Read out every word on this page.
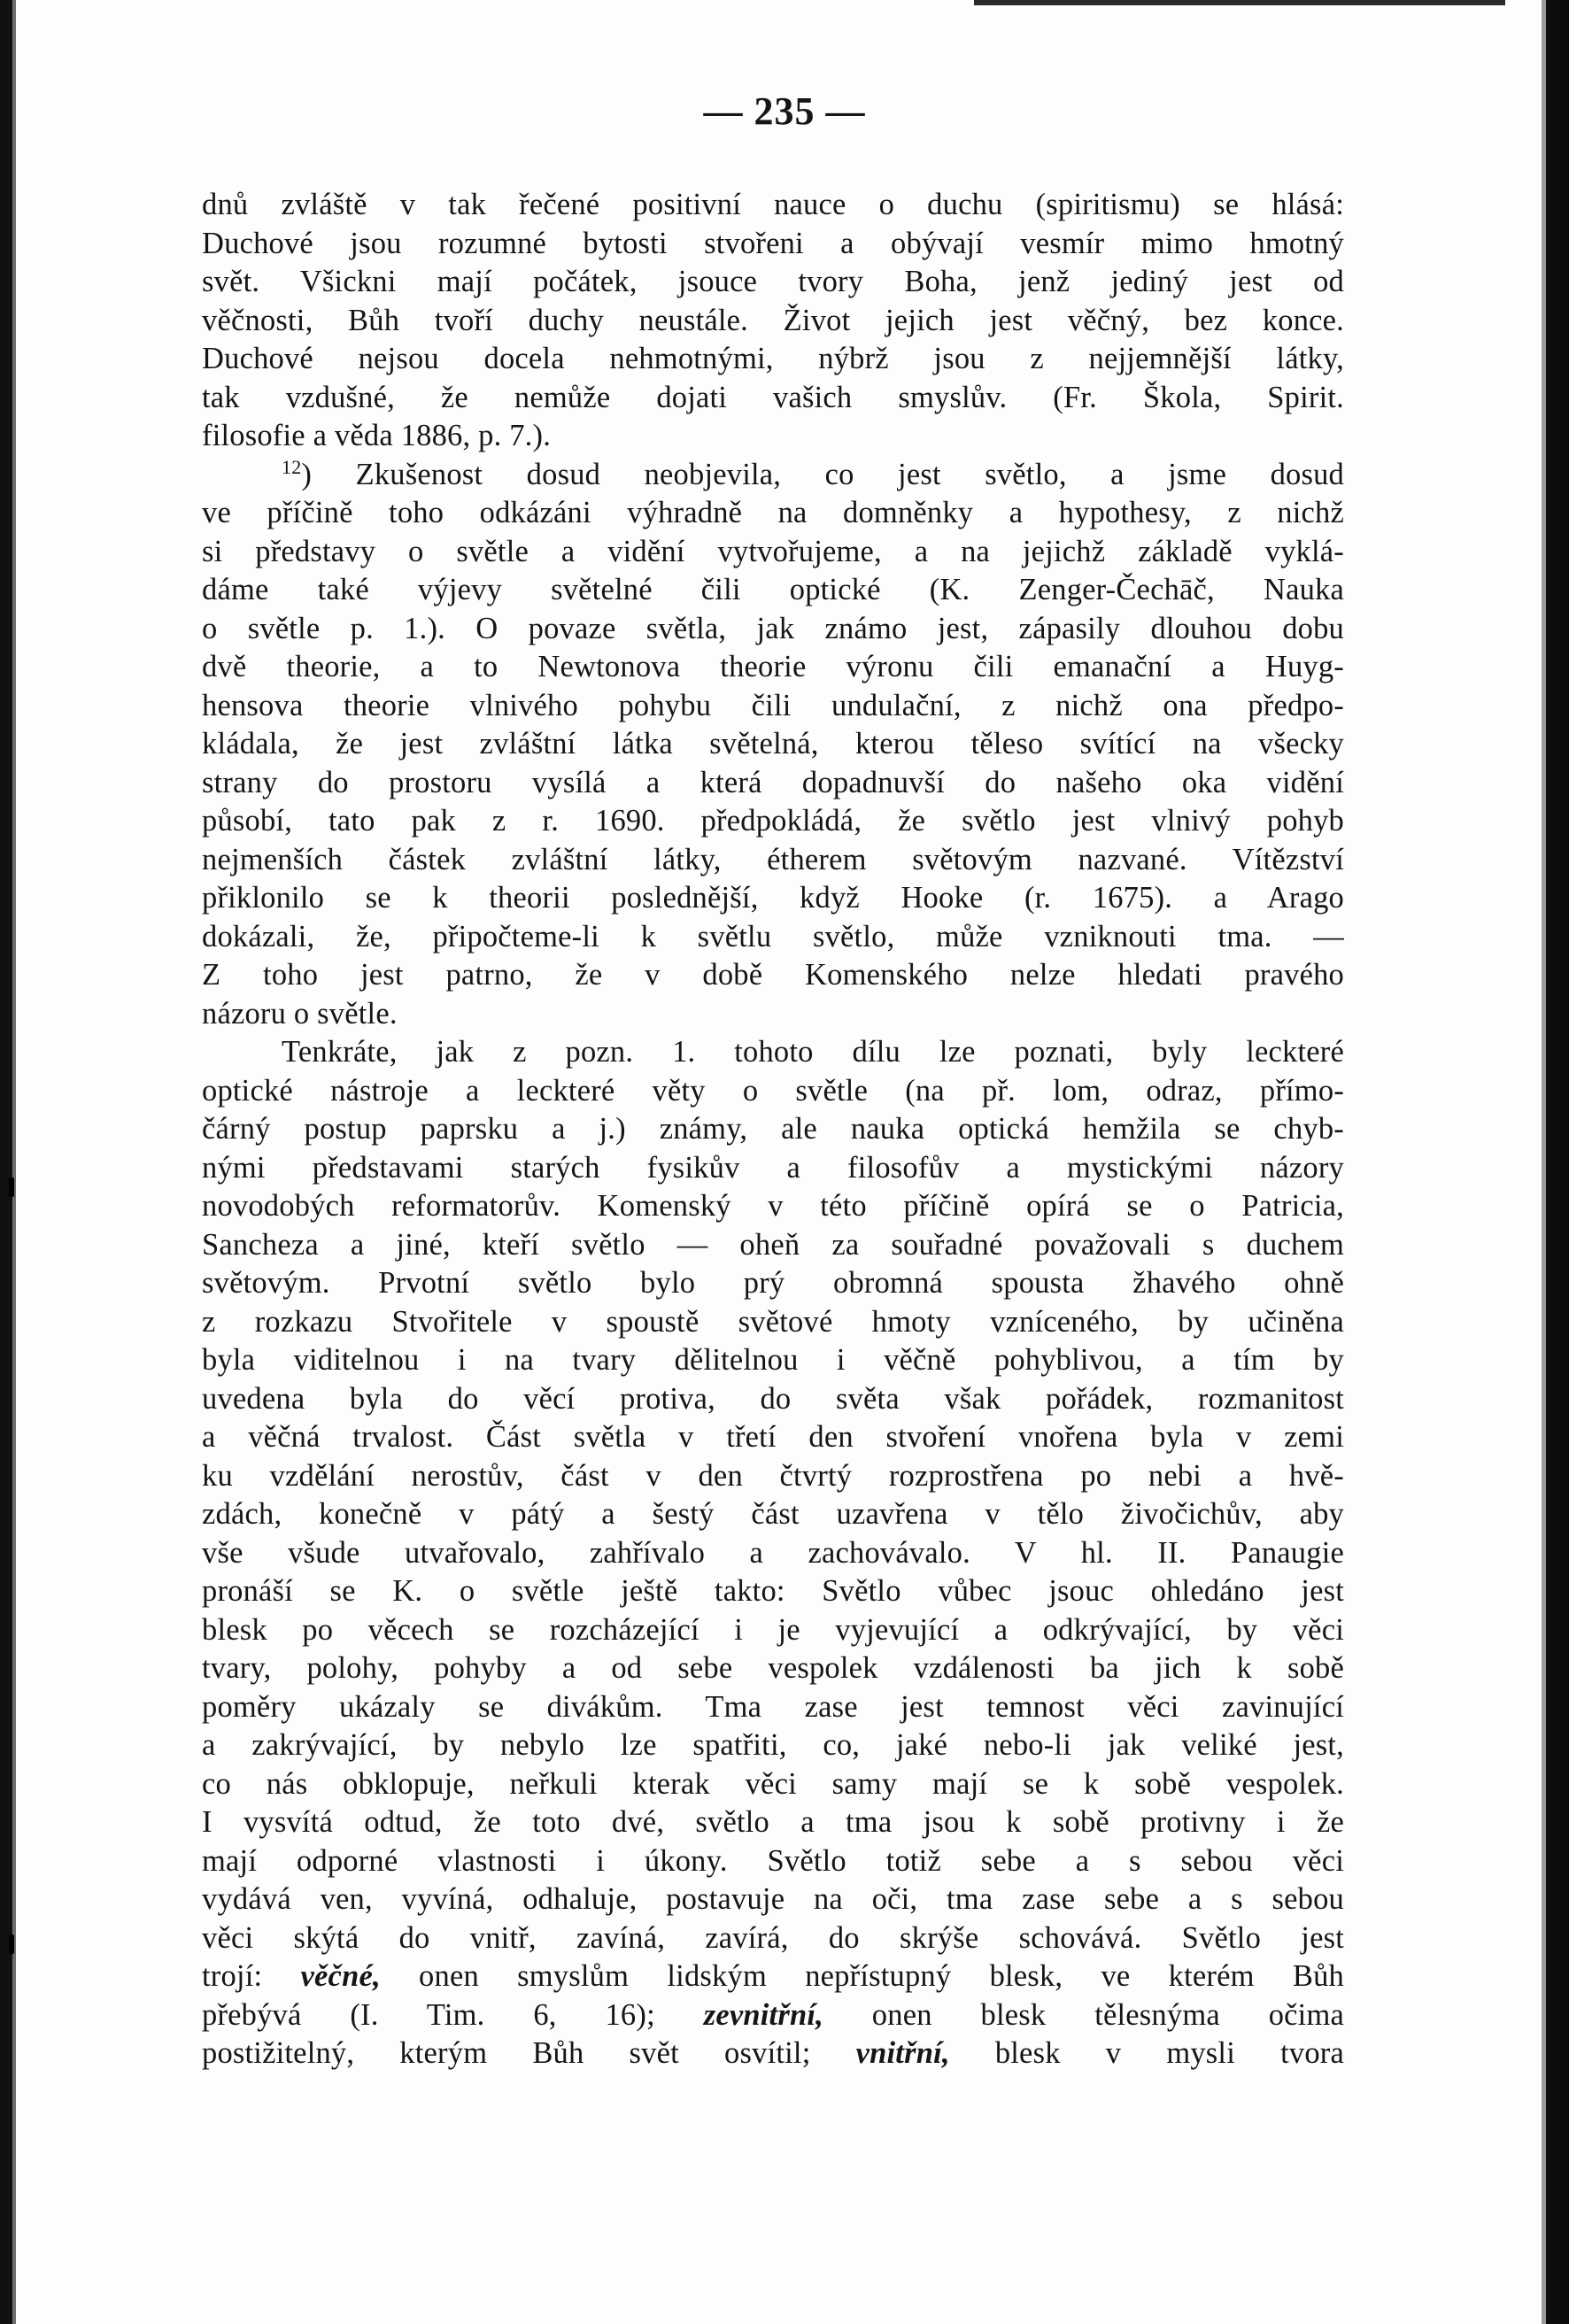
— 235 —
dnů zvláště v tak řečené positivní nauce o duchu (spiritismu) se hlásá:
Duchové jsou rozumné bytosti stvořeni a obývají vesmír mimo hmotný
svět. Všickni mají počátek, jsouce tvory Boha, jenž jediný jest od
věčnosti, Bůh tvoří duchy neustále. Život jejich jest věčný, bez konce.
Duchové nejsou docela nehmotnými, nýbrž jsou z nejjemnější látky,
tak vzdušné, že nemůže dojati vašich smyslův. (Fr. Škola, Spirit.
filosofie a věda 1886, p. 7.).
$^{12}$) Zkušenost dosud neobjevila, co jest světlo, a jsme dosud
ve příčině toho odkázáni výhradně na domněnky a hypothesy, z nichž
si představy o světle a vidění vytvořujeme, a na jejichž základě vyklá-
dáme také výjevy světelné čili optické (K. Zenger-Čechāč, Nauka
o světle p. 1.). O povaze světla, jak známo jest, zápasily dlouhou dobu
dvě theorie, a to Newtonova theorie výronu čili emanační a Huyg-
hensova theorie vlnivého pohybu čili undulační, z nichž ona předpo-
kládala, že jest zvláštní látka světelná, kterou těleso svítící na všecky
strany do prostoru vysílá a která dopadnuvší do našeho oka vidění
působí, tato pak z r. 1690. předpokládá, že světlo jest vlnivý pohyb
nejmenších částek zvláštní látky, étherem světovým nazvané. Vítězství
přiklonilo se k theorii poslednější, když Hooke (r. 1675). a Arago
dokázali, že, připočteme-li k světlu světlo, může vzniknouti tma. —
Z toho jest patrno, že v době Komenského nelze hledati pravého
názoru o světle.
Tenkráte, jak z pozn. 1. tohoto dílu lze poznati, byly leckteré
optické nástroje a leckteré věty o světle (na př. lom, odraz, přímo-
čárný postup paprsku a j.) známy, ale nauka optická hemžila se chyb-
nými představami starých fysikův a filosofův a mystickými názory
novodobých reformatorův. Komenský v této příčině opírá se o Patricia,
Sancheza a jiné, kteří světlo — oheň za souřadné považovali s duchem
světovým. Prvotní světlo bylo prý obromná spousta žhavého ohně
z rozkazu Stvořitele v spoustě světové hmoty vzníceného, by učiněna
byla viditelnou i na tvary dělitelnou i věčně pohyblivou, a tím by
uvedena byla do věcí protiva, do světa však pořádek, rozmanitost
a věčná trvalost. Část světla v třetí den stvoření vnořena byla v zemi
ku vzdělání nerostův, část v den čtvrtý rozprostřena po nebi a hvě-
zdách, konečně v pátý a šestý část uzavřena v tělo živočichův, aby
vše všude utvařovalo, zahřívalo a zachovávalo. V hl. II. Panaugie
pronáší se K. o světle ještě takto: Světlo vůbec jsouc ohledáno jest
blesk po věcech se rozcházející i je vyjevující a odkrývající, by věci
tvary, polohy, pohyby a od sebe vespolek vzdálenosti ba jich k sobě
poměry ukázaly se divákům. Tma zase jest temnost věci zavinující
a zakrývající, by nebylo lze spatřiti, co, jaké nebo-li jak veliké jest,
co nás obklopuje, neřkuli kterak věci samy mají se k sobě vespolek.
I vysvítá odtud, že toto dvé, světlo a tma jsou k sobě protivny i že
mají odporné vlastnosti i úkony. Světlo totiž sebe a s sebou věci
vydává ven, vyvíná, odhaluje, postavuje na oči, tma zase sebe a s sebou
věci skýtá do vnitř, zavíná, zavírá, do skrýše schovává. Světlo jest
trojí: věčné, onen smyslům lidským nepřístupný blesk, ve kterém Bůh
přebývá (I. Tim. 6, 16); zevnitřní, onen blesk tělesnýma očima
postižitelný, kterým Bůh svět osvítil; vnitřní, blesk v mysli tvora
